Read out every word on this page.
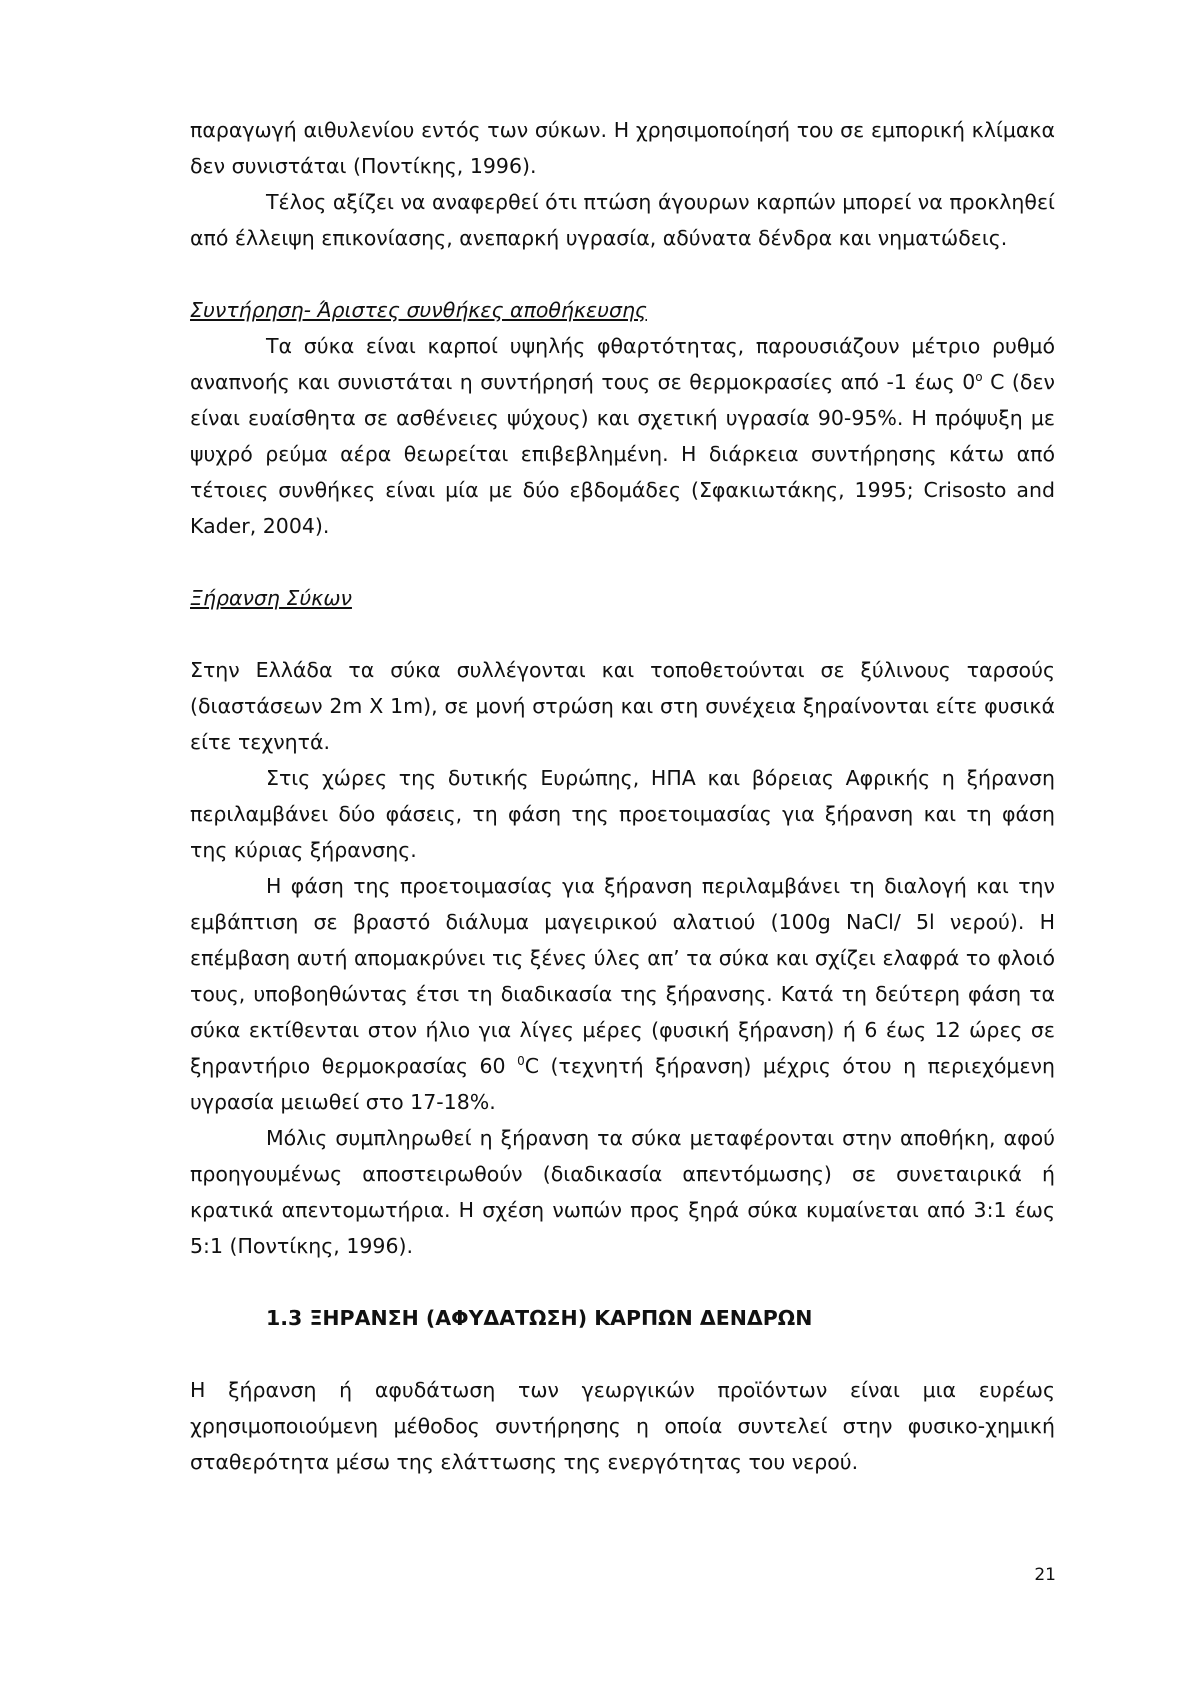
παραγωγή αιθυλενίου εντός των σύκων. Η χρησιμοποίησή του σε εμπορική κλίμακα δεν συνιστάται (Ποντίκης, 1996).

Τέλος αξίζει να αναφερθεί ότι πτώση άγουρων καρπών μπορεί να προκληθεί από έλλειψη επικονίασης, ανεπαρκή υγρασία, αδύνατα δένδρα και νηματώδεις.

Συντήρηση- Άριστες συνθήκες αποθήκευσης

Τα σύκα είναι καρποί υψηλής φθαρτότητας, παρουσιάζουν μέτριο ρυθμό αναπνοής και συνιστάται η συντήρησή τους σε θερμοκρασίες από -1 έως $0^o$ C (δεν είναι ευαίσθητα σε ασθένειες ψύχους) και σχετική υγρασία 90-95%. Η πρόψυξη με ψυχρό ρεύμα αέρα θεωρείται επιβεβλημένη. Η διάρκεια συντήρησης κάτω από τέτοιες συνθήκες είναι μία με δύο εβδομάδες (Σφακιωτάκης, 1995; Crisosto and Kader, 2004).

Ξήρανση Σύκων

Στην Ελλάδα τα σύκα συλλέγονται και τοποθετούνται σε ξύλινους ταρσούς (διαστάσεων 2m X 1m), σε μονή στρώση και στη συνέχεια ξηραίνονται είτε φυσικά είτε τεχνητά.

Στις χώρες της δυτικής Ευρώπης, ΗΠΑ και βόρειας Αφρικής η ξήρανση περιλαμβάνει δύο φάσεις, τη φάση της προετοιμασίας για ξήρανση και τη φάση της κύριας ξήρανσης.

Η φάση της προετοιμασίας για ξήρανση περιλαμβάνει τη διαλογή και την εμβάπτιση σε βραστό διάλυμα μαγειρικού αλατιού (100g NaCl/ 5l νερού). Η επέμβαση αυτή απομακρύνει τις ξένες ύλες απ’ τα σύκα και σχίζει ελαφρά το φλοιό τους, υποβοηθώντας έτσι τη διαδικασία της ξήρανσης. Κατά τη δεύτερη φάση τα σύκα εκτίθενται στον ήλιο για λίγες μέρες (φυσική ξήρανση) ή 6 έως 12 ώρες σε ξηραντήριο θερμοκρασίας 60 $^0$C (τεχνητή ξήρανση) μέχρις ότου η περιεχόμενη υγρασία μειωθεί στο 17-18%.

Μόλις συμπληρωθεί η ξήρανση τα σύκα μεταφέρονται στην αποθήκη, αφού προηγουμένως αποστειρωθούν (διαδικασία απεντόμωσης) σε συνεταιρικά ή κρατικά απεντομωτήρια. Η σχέση νωπών προς ξηρά σύκα κυμαίνεται από 3:1 έως 5:1 (Ποντίκης, 1996).

1.3 ΞΗΡΑΝΣΗ (ΑΦΥΔΑΤΩΣΗ) ΚΑΡΠΩΝ ΔΕΝΔΡΩΝ

Η ξήρανση ή αφυδάτωση των γεωργικών προϊόντων είναι μια ευρέως χρησιμοποιούμενη μέθοδος συντήρησης η οποία συντελεί στην φυσικο-χημική σταθερότητα μέσω της ελάττωσης της ενεργότητας του νερού.

21
